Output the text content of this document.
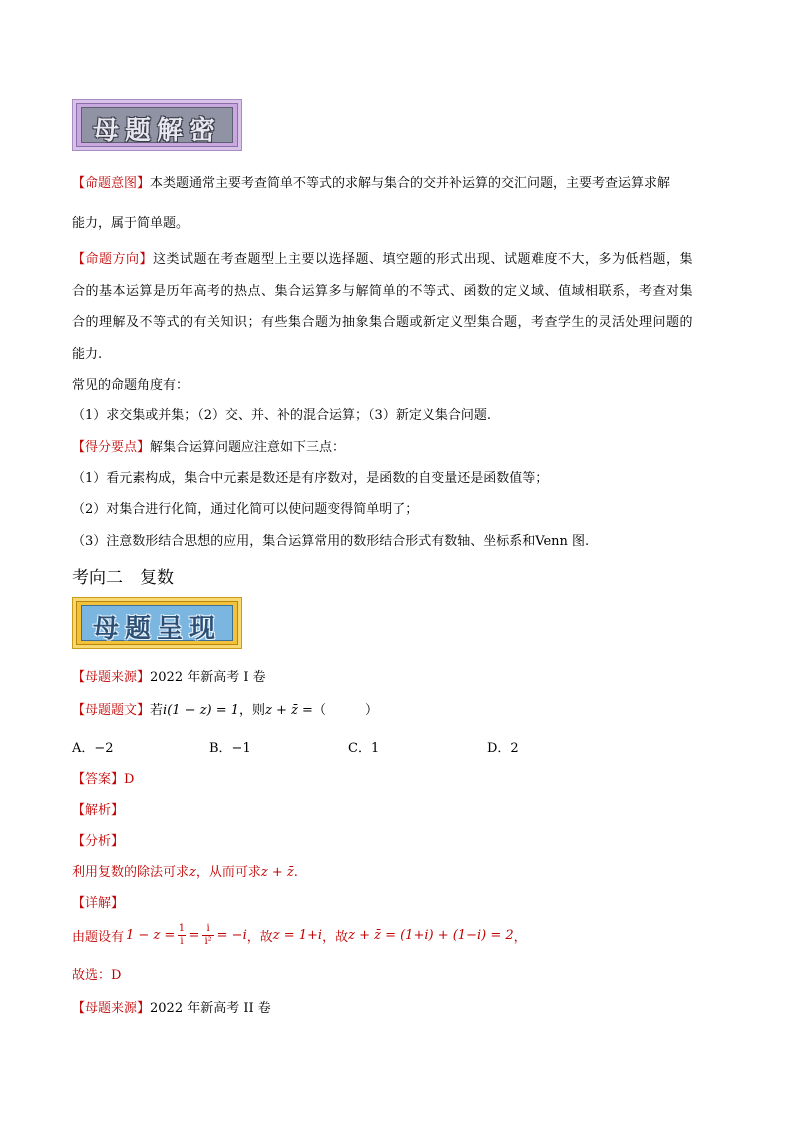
母题解密
【命题意图】本类题通常主要考查简单不等式的求解与集合的交并补运算的交汇问题，主要考查运算求解
能力，属于简单题。
【命题方向】这类试题在考查题型上主要以选择题、填空题的形式出现、试题难度不大，多为低档题，集
合的基本运算是历年高考的热点、集合运算多与解简单的不等式、函数的定义域、值域相联系，考查对集
合的理解及不等式的有关知识；有些集合题为抽象集合题或新定义型集合题，考查学生的灵活处理问题的
能力.
常见的命题角度有：
（1）求交集或并集；（2）交、并、补的混合运算；（3）新定义集合问题.
【得分要点】解集合运算问题应注意如下三点：
（1）看元素构成，集合中元素是数还是有序数对，是函数的自变量还是函数值等；
（2）对集合进行化简，通过化简可以使问题变得简单明了；
（3）注意数形结合思想的应用，集合运算常用的数形结合形式有数轴、坐标系和Venn 图.
考向二　复数
母题呈现
【母题来源】2022 年新高考 I 卷
【母题题文】若i(1 − z) = 1，则z + z̄ =（　　　）
A．−2	B．−1	C．1	D．2
【答案】D
【解析】
【分析】
利用复数的除法可求z，从而可求z + z̄.
【详解】
由题设有 $1 - z = \frac{1}{i} = \frac{i}{\text{i²}} = -i$ ，故 z = 1+i ，故 z + z̄ = (1+i) + (1−i) = 2 ，
故选：D
【母题来源】2022 年新高考 II 卷
